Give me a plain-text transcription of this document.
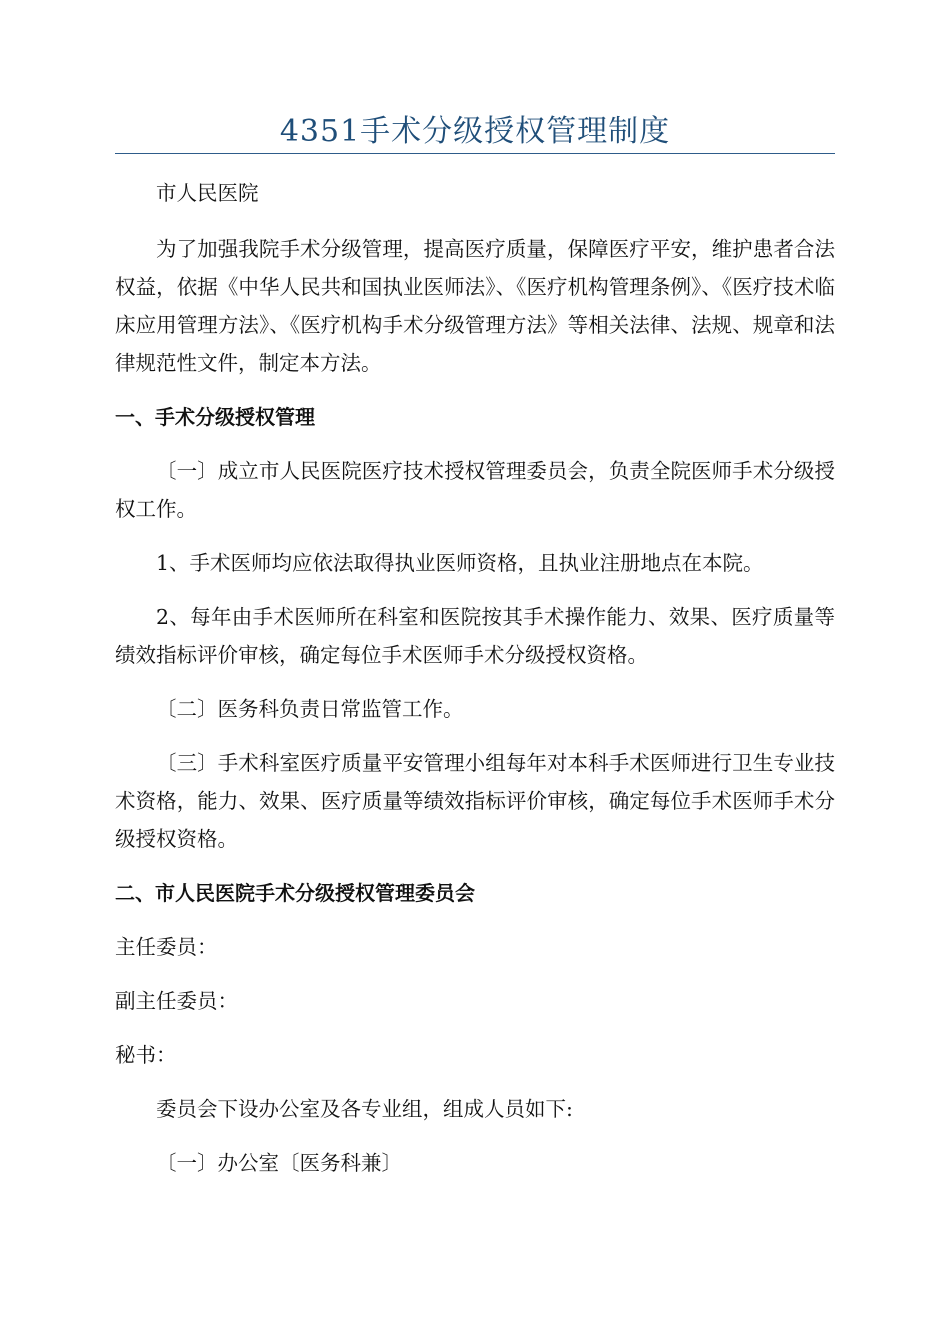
4351手术分级授权管理制度

市人民医院

为了加强我院手术分级管理，提高医疗质量，保障医疗平安，维护患者合法权益，依据《中华人民共和国执业医师法》、《医疗机构管理条例》、《医疗技术临床应用管理方法》、《医疗机构手术分级管理方法》等相关法律、法规、规章和法律规范性文件，制定本方法。

一、手术分级授权管理

〔一〕成立市人民医院医疗技术授权管理委员会，负责全院医师手术分级授权工作。

1、手术医师均应依法取得执业医师资格，且执业注册地点在本院。

2、每年由手术医师所在科室和医院按其手术操作能力、效果、医疗质量等绩效指标评价审核，确定每位手术医师手术分级授权资格。

〔二〕医务科负责日常监管工作。

〔三〕手术科室医疗质量平安管理小组每年对本科手术医师进行卫生专业技术资格，能力、效果、医疗质量等绩效指标评价审核，确定每位手术医师手术分级授权资格。

二、市人民医院手术分级授权管理委员会

主任委员：

副主任委员：

秘书：

委员会下设办公室及各专业组，组成人员如下:

〔一〕办公室〔医务科兼〕
